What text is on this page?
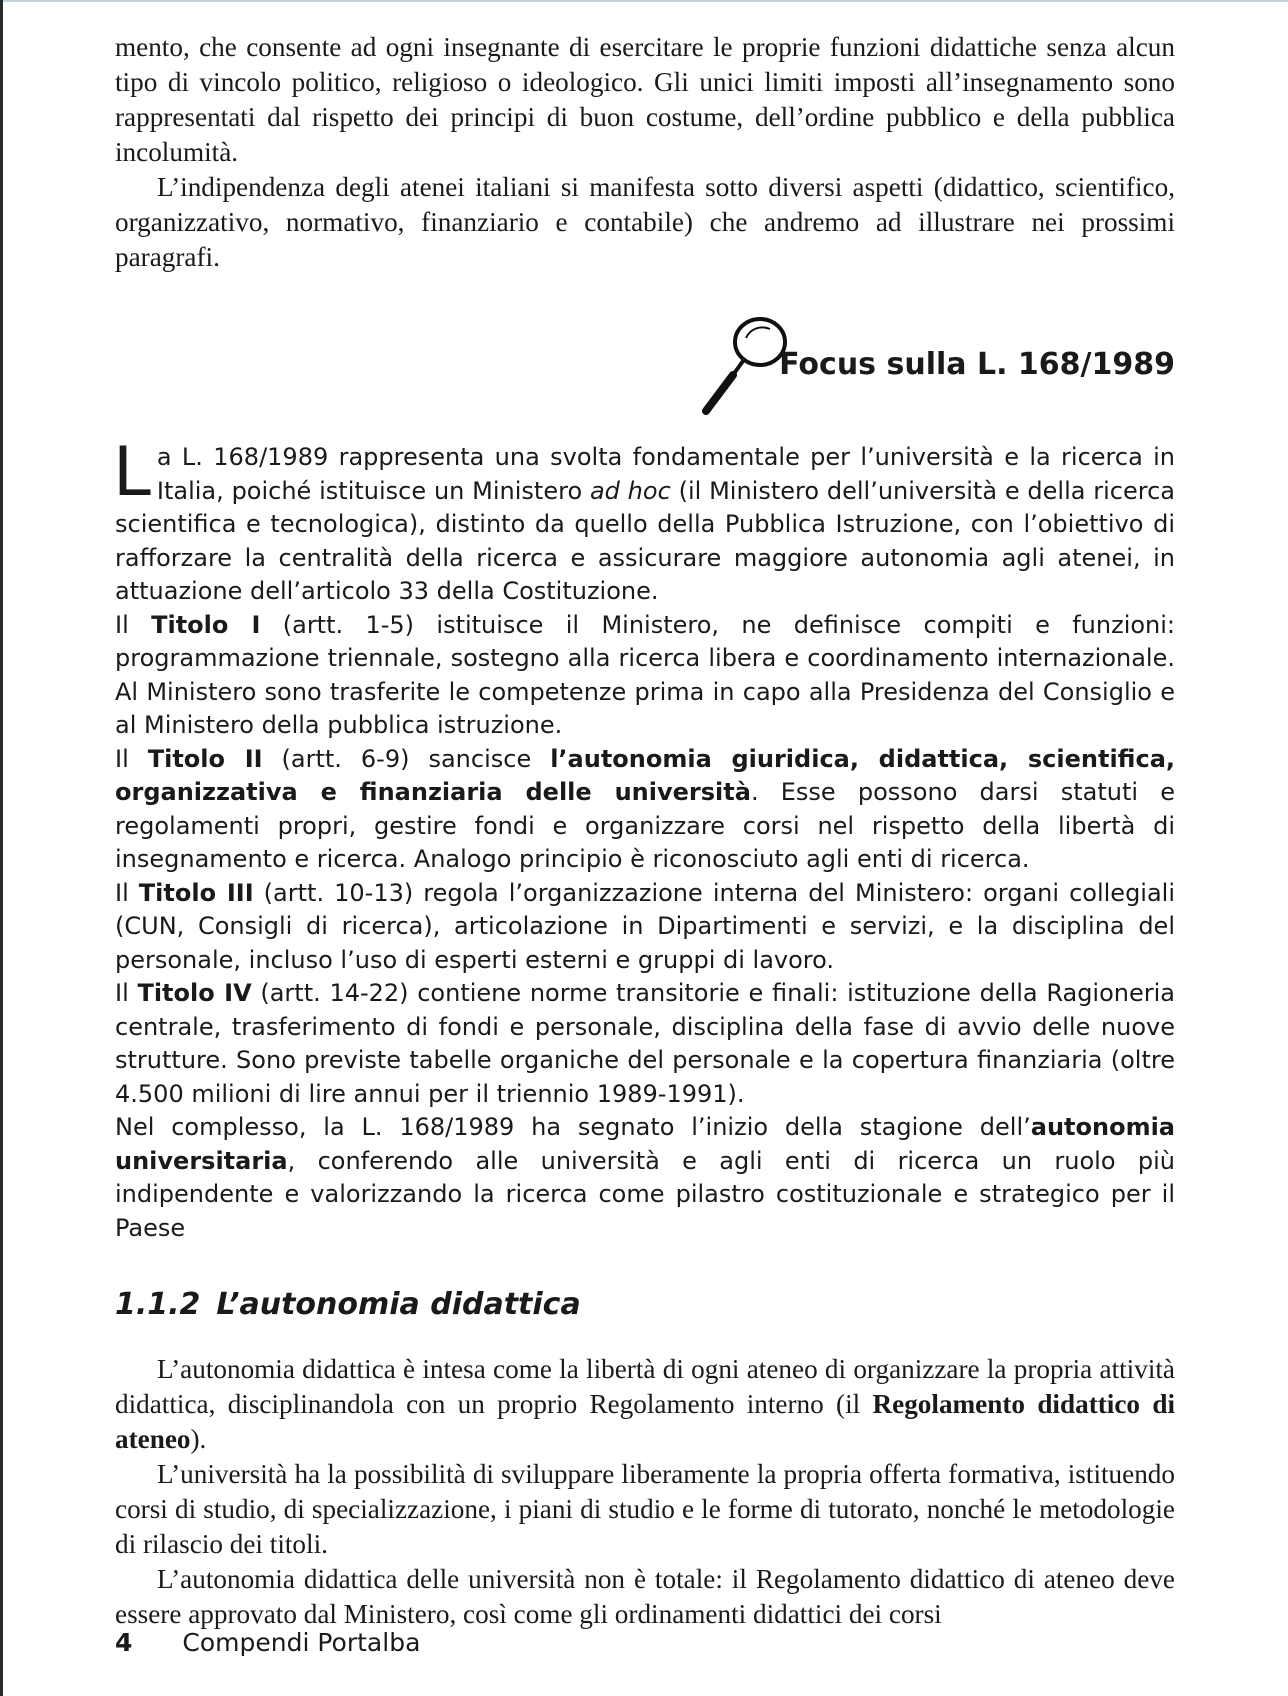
mento, che consente ad ogni insegnante di esercitare le proprie funzioni didattiche senza alcun tipo di vincolo politico, religioso o ideologico. Gli unici limiti imposti all’insegnamento sono rappresentati dal rispetto dei principi di buon costume, dell’ordine pubblico e della pubblica incolumità.

L’indipendenza degli atenei italiani si manifesta sotto diversi aspetti (didattico, scientifico, organizzativo, normativo, finanziario e contabile) che andremo ad illustrare nei prossimi paragrafi.

Focus sulla L. 168/1989

La L. 168/1989 rappresenta una svolta fondamentale per l’università e la ricerca in Italia, poiché istituisce un Ministero ad hoc (il Ministero dell’università e della ricerca scientifica e tecnologica), distinto da quello della Pubblica Istruzione, con l’obiettivo di rafforzare la centralità della ricerca e assicurare maggiore autonomia agli atenei, in attuazione dell’articolo 33 della Costituzione.

Il Titolo I (artt. 1-5) istituisce il Ministero, ne definisce compiti e funzioni: programmazione triennale, sostegno alla ricerca libera e coordinamento internazionale. Al Ministero sono trasferite le competenze prima in capo alla Presidenza del Consiglio e al Ministero della pubblica istruzione.

Il Titolo II (artt. 6-9) sancisce l’autonomia giuridica, didattica, scientifica, organizzativa e finanziaria delle università. Esse possono darsi statuti e regolamenti propri, gestire fondi e organizzare corsi nel rispetto della libertà di insegnamento e ricerca. Analogo principio è riconosciuto agli enti di ricerca.

Il Titolo III (artt. 10-13) regola l’organizzazione interna del Ministero: organi collegiali (CUN, Consigli di ricerca), articolazione in Dipartimenti e servizi, e la disciplina del personale, incluso l’uso di esperti esterni e gruppi di lavoro.

Il Titolo IV (artt. 14-22) contiene norme transitorie e finali: istituzione della Ragioneria centrale, trasferimento di fondi e personale, disciplina della fase di avvio delle nuove strutture. Sono previste tabelle organiche del personale e la copertura finanziaria (oltre 4.500 milioni di lire annui per il triennio 1989-1991).

Nel complesso, la L. 168/1989 ha segnato l’inizio della stagione dell’autonomia universitaria, conferendo alle università e agli enti di ricerca un ruolo più indipendente e valorizzando la ricerca come pilastro costituzionale e strategico per il Paese

1.1.2 L’autonomia didattica

L’autonomia didattica è intesa come la libertà di ogni ateneo di organizzare la propria attività didattica, disciplinandola con un proprio Regolamento interno (il Regolamento didattico di ateneo).

L’università ha la possibilità di sviluppare liberamente la propria offerta formativa, istituendo corsi di studio, di specializzazione, i piani di studio e le forme di tutorato, nonché le metodologie di rilascio dei titoli.

L’autonomia didattica delle università non è totale: il Regolamento didattico di ateneo deve essere approvato dal Ministero, così come gli ordinamenti didattici dei corsi

4 Compendi Portalba
